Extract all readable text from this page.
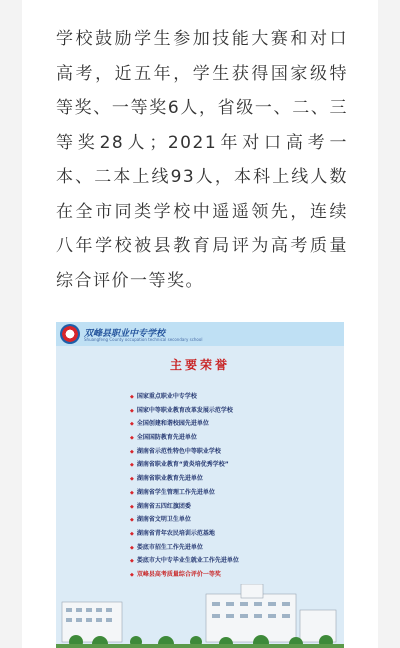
学校鼓励学生参加技能大赛和对口高考，近五年，学生获得国家级特等奖、一等奖6人，省级一、二、三等奖28人；2021年对口高考一本、二本上线93人，本科上线人数在全市同类学校中遥遥领先，连续八年学校被县教育局评为高考质量综合评价一等奖。

双峰县职业中专学校
Shuangfeng County occupation technical secondary school
主要荣誉
◆ 国家重点职业中专学校
◆ 国家中等职业教育改革发展示范学校
◆ 全国创建和谐校园先进单位
◆ 全国国防教育先进单位
◆ 湖南省示范性特色中等职业学校
◆ 湖南省职业教育“黄炎培优秀学校”
◆ 湖南省职业教育先进单位
◆ 湖南省学生管理工作先进单位
◆ 湖南省五四红旗团委
◆ 湖南省文明卫生单位
◆ 湖南省青年农民培训示范基地
◆ 娄底市招生工作先进单位
◆ 娄底市大中专毕业生就业工作先进单位
◆ 双峰县高考质量综合评价一等奖
